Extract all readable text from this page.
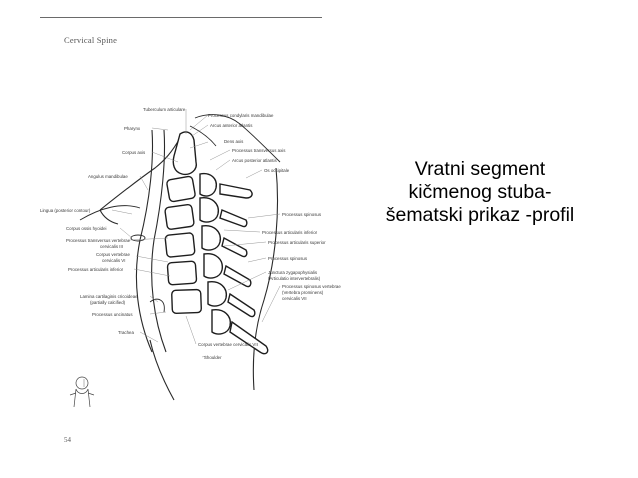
Cervical Spine
Tuberculum articulare
Processus condylaris mandibulae
Pharynx
Arcus anterior atlantis
Dens axis
Corpus axis	Processus transversus axis
Arcus posterior atlantis
Os occipitale
Angulus mandibulae
Lingua (posterior contour)
Processus spinosus
Corpus ossis hyoidei
Processus articularis inferior
Processus transversus vertebrae
cervicalis III
Processus articularis superior
Corpus vertebrae
cervicalis VI	Processus spinosus
Processus articularis inferior
Junctura zygapophysialis
(Articulatio intervertebralis)
Processus spinosus vertebrae
(Vertebra prominens)
cervicalis VII
Lamina cartilaginis cricoideae
(partially calcified)
Processus uncinatus
Trachea
Corpus vertebrae cervicalis VII
Shoulder
54
Vratni segment
kičmenog stuba-
šematski prikaz -profil
